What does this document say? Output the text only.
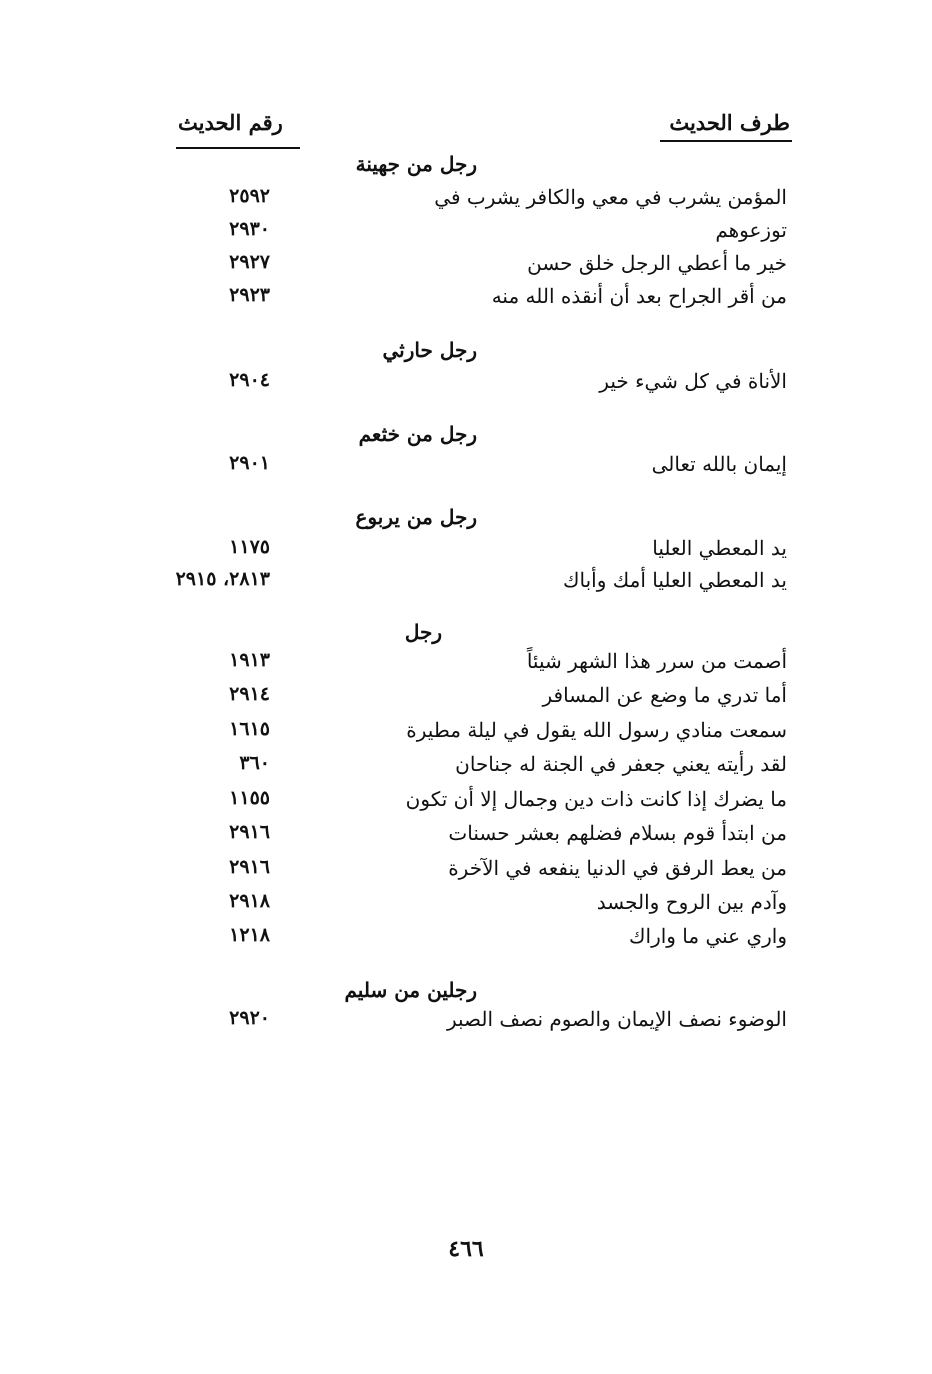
طرف الحديث
رقم الحديث
رجل من جهينة
المؤمن يشرب في معي والكافر يشرب في
٢٥٩٢
توزعوهم
٢٩٣٠
خير ما أعطي الرجل خلق حسن
٢٩٢٧
من أقر الجراح بعد أن أنقذه الله منه
٢٩٢٣
رجل حارثي
الأناة في كل شيء خير
٢٩٠٤
رجل من خثعم
إيمان بالله تعالى
٢٩٠١
رجل من يربوع
يد المعطي العليا
١١٧٥
يد المعطي العليا أمك وأباك
٢٨١٣، ٢٩١٥
رجل
أصمت من سرر هذا الشهر شيئاً
١٩١٣
أما تدري ما وضع عن المسافر
٢٩١٤
سمعت منادي رسول الله يقول في ليلة مطيرة
١٦١٥
لقد رأيته يعني جعفر في الجنة له جناحان
٣٦٠
ما يضرك إذا كانت ذات دين وجمال إلا أن تكون
١١٥٥
من ابتدأ قوم بسلام فضلهم بعشر حسنات
٢٩١٦
من يعط الرفق في الدنيا ينفعه في الآخرة
٢٩١٦
وآدم بين الروح والجسد
٢٩١٨
واري عني ما واراك
١٢١٨
رجلين من سليم
الوضوء نصف الإيمان والصوم نصف الصبر
٢٩٢٠
٤٦٦
